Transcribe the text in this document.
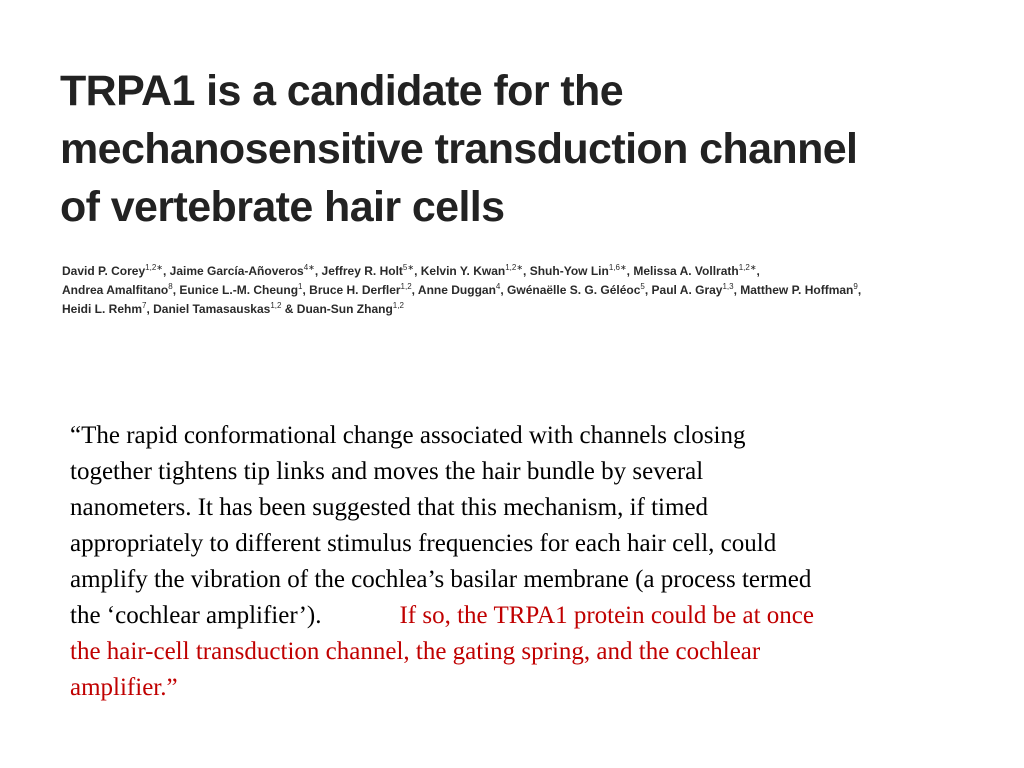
TRPA1 is a candidate for the
mechanosensitive transduction channel
of vertebrate hair cells
David P. Corey$^{1,2∗}$, Jaime García-Añoveros$^{4∗}$, Jeffrey R. Holt$^{5∗}$, Kelvin Y. Kwan$^{1,2∗}$, Shuh-Yow Lin$^{1,6∗}$, Melissa A. Vollrath$^{1,2∗}$,
Andrea Amalfitano$^8$, Eunice L.-M. Cheung$^1$, Bruce H. Derfler$^{1,2}$, Anne Duggan$^4$, Gwénaëlle S. G. Géléoc$^5$, Paul A. Gray$^{1,3}$, Matthew P. Hoffman$^9$,
Heidi L. Rehm$^7$, Daniel Tamasauskas$^{1,2}$ & Duan-Sun Zhang$^{1,2}$
“The rapid conformational change associated with channels closing
together tightens tip links and moves the hair bundle by several
nanometers. It has been suggested that this mechanism, if timed
appropriately to different stimulus frequencies for each hair cell, could
amplify the vibration of the cochlea’s basilar membrane (a process termed
the ‘cochlear amplifier’).	If so, the TRPA1 protein could be at once
the hair-cell transduction channel, the gating spring, and the cochlear
amplifier.”
